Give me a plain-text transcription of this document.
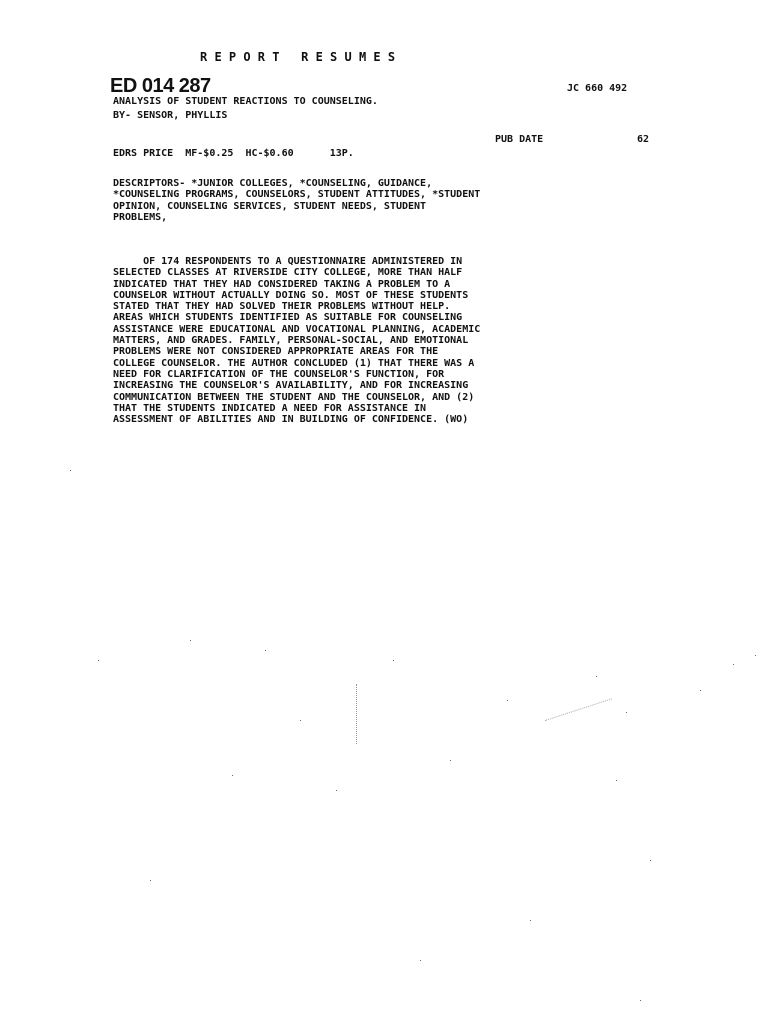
R E P O R T   R E S U M E S
ED 014 287	JC 660 492
ANALYSIS OF STUDENT REACTIONS TO COUNSELING.
BY- SENSOR, PHYLLIS
PUB DATE	62
EDRS PRICE  MF-$0.25  HC-$0.60      13P.
DESCRIPTORS- *JUNIOR COLLEGES, *COUNSELING, GUIDANCE,
*COUNSELING PROGRAMS, COUNSELORS, STUDENT ATTITUDES, *STUDENT
OPINION, COUNSELING SERVICES, STUDENT NEEDS, STUDENT
PROBLEMS,
OF 174 RESPONDENTS TO A QUESTIONNAIRE ADMINISTERED IN
SELECTED CLASSES AT RIVERSIDE CITY COLLEGE, MORE THAN HALF
INDICATED THAT THEY HAD CONSIDERED TAKING A PROBLEM TO A
COUNSELOR WITHOUT ACTUALLY DOING SO. MOST OF THESE STUDENTS
STATED THAT THEY HAD SOLVED THEIR PROBLEMS WITHOUT HELP.
AREAS WHICH STUDENTS IDENTIFIED AS SUITABLE FOR COUNSELING
ASSISTANCE WERE EDUCATIONAL AND VOCATIONAL PLANNING, ACADEMIC
MATTERS, AND GRADES. FAMILY, PERSONAL-SOCIAL, AND EMOTIONAL
PROBLEMS WERE NOT CONSIDERED APPROPRIATE AREAS FOR THE
COLLEGE COUNSELOR. THE AUTHOR CONCLUDED (1) THAT THERE WAS A
NEED FOR CLARIFICATION OF THE COUNSELOR'S FUNCTION, FOR
INCREASING THE COUNSELOR'S AVAILABILITY, AND FOR INCREASING
COMMUNICATION BETWEEN THE STUDENT AND THE COUNSELOR, AND (2)
THAT THE STUDENTS INDICATED A NEED FOR ASSISTANCE IN
ASSESSMENT OF ABILITIES AND IN BUILDING OF CONFIDENCE. (WO)
